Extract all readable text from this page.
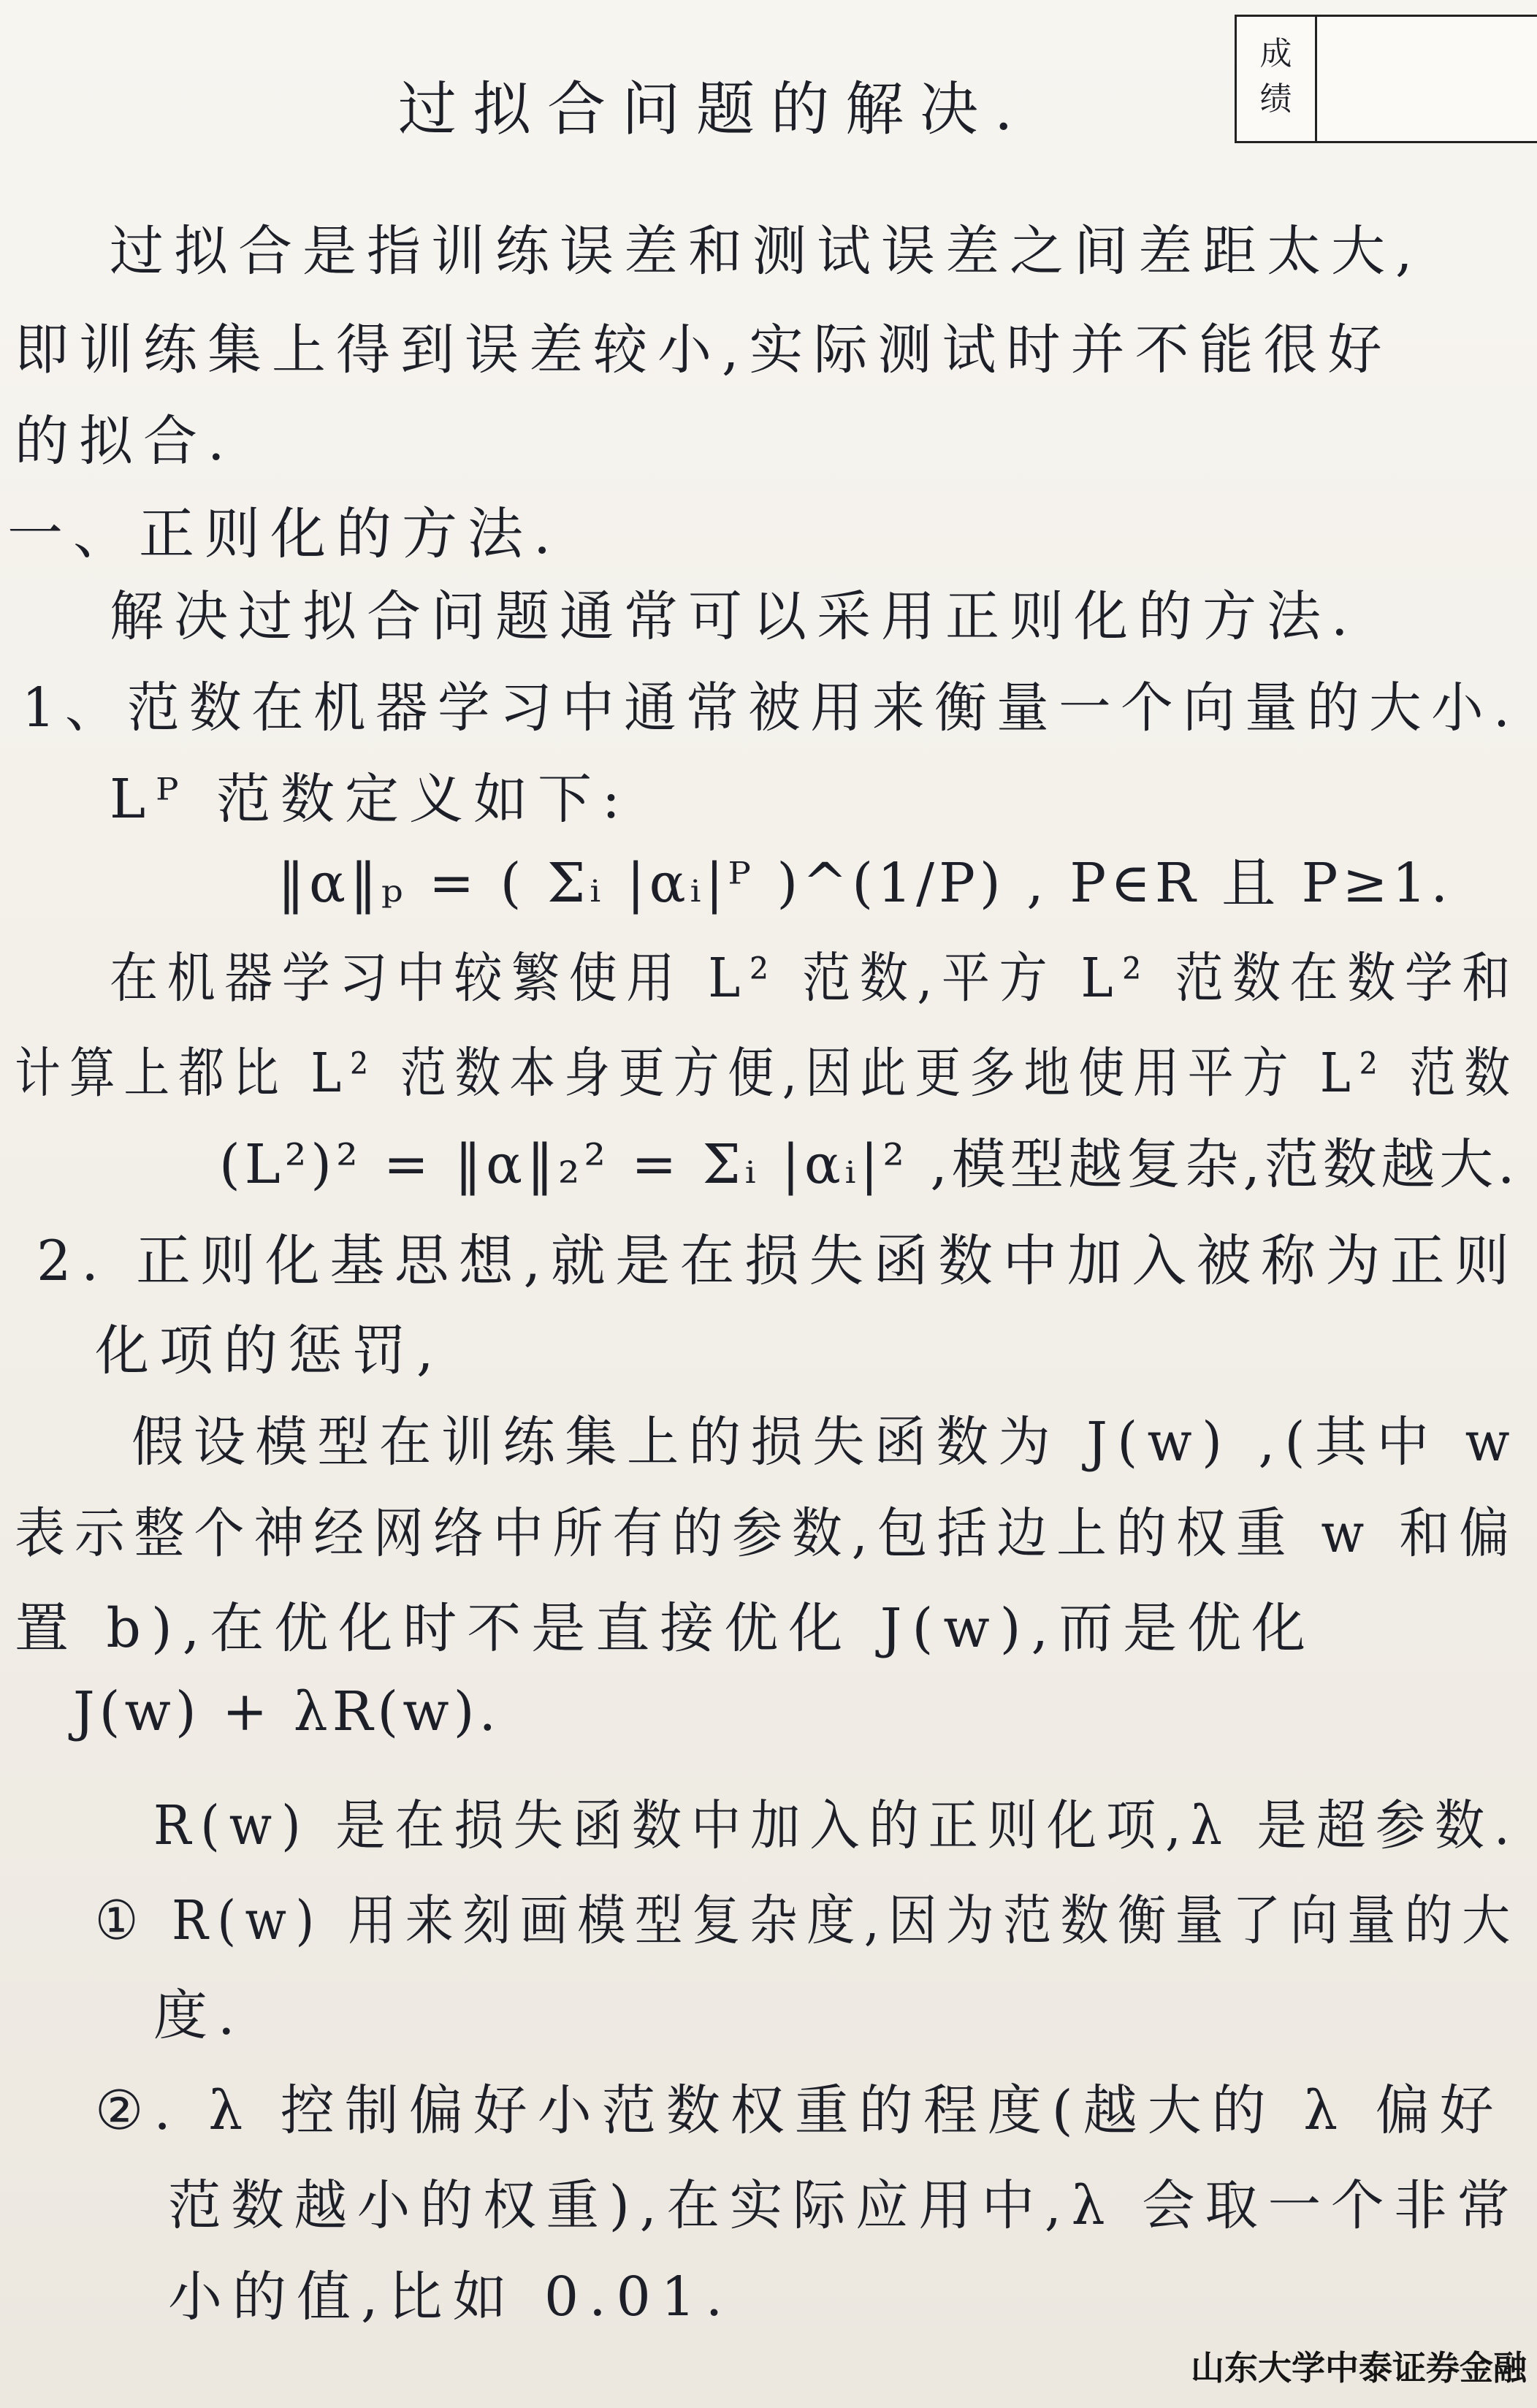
成
绩
过拟合问题的解决.
过拟合是指训练误差和测试误差之间差距太大,
即训练集上得到误差较小,实际测试时并不能很好
的拟合.
一、正则化的方法.
解决过拟合问题通常可以采用正则化的方法.
1、范数在机器学习中通常被用来衡量一个向量的大小.
Lᴾ 范数定义如下:
‖α‖ₚ = ( Σᵢ |αᵢ|ᴾ )^(1/P) , P∈R 且 P≥1.
在机器学习中较繁使用 L² 范数,平方 L² 范数在数学和
计算上都比 L² 范数本身更方便,因此更多地使用平方 L² 范数
(L²)² = ‖α‖₂² = Σᵢ |αᵢ|² ,模型越复杂,范数越大.
2. 正则化基思想,就是在损失函数中加入被称为正则
化项的惩罚,
假设模型在训练集上的损失函数为 J(w) ,(其中 w
表示整个神经网络中所有的参数,包括边上的权重 w 和偏
置 b),在优化时不是直接优化 J(w),而是优化
J(w) + λR(w).
R(w) 是在损失函数中加入的正则化项,λ 是超参数.
① R(w) 用来刻画模型复杂度,因为范数衡量了向量的大
度.
②. λ 控制偏好小范数权重的程度(越大的 λ 偏好
范数越小的权重),在实际应用中,λ 会取一个非常
小的值,比如 0.01.
山东大学中泰证券金融
